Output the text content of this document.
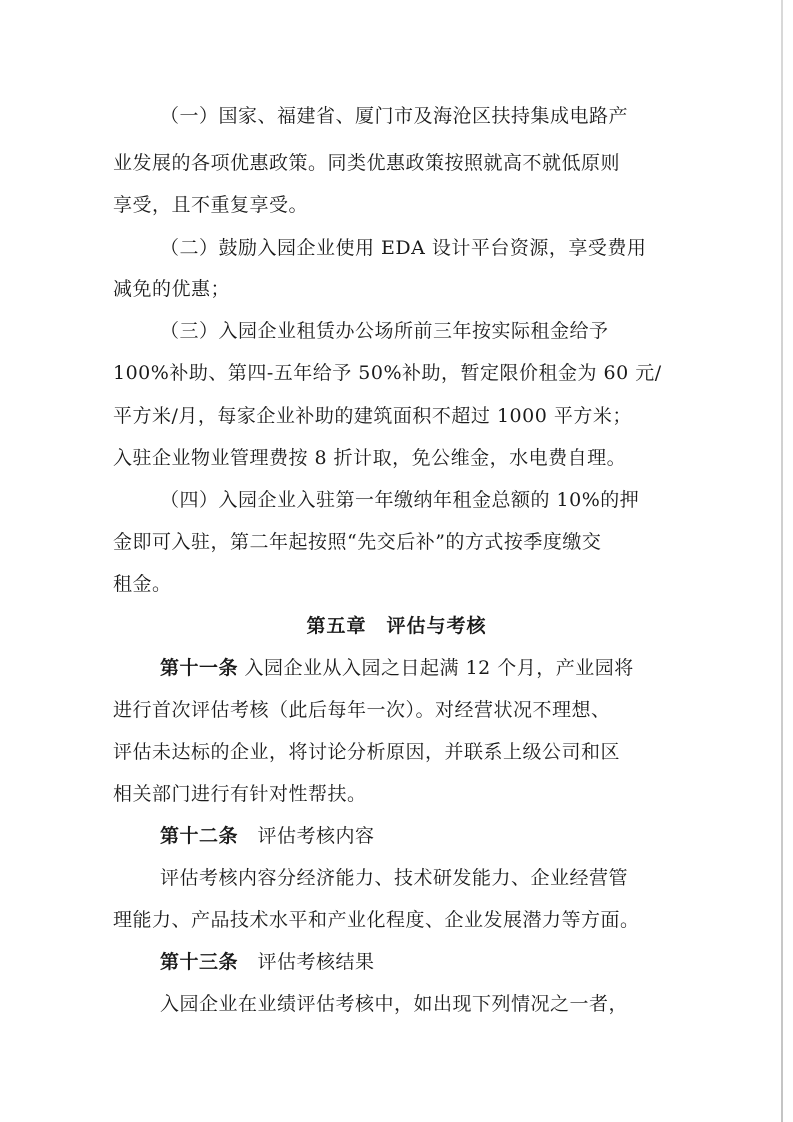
（一）国家、福建省、厦门市及海沧区扶持集成电路产
业发展的各项优惠政策。同类优惠政策按照就高不就低原则
享受，且不重复享受。
（二）鼓励入园企业使用 EDA 设计平台资源，享受费用
减免的优惠；
（三）入园企业租赁办公场所前三年按实际租金给予
100%补助、第四-五年给予 50%补助，暂定限价租金为 60 元/
平方米/月，每家企业补助的建筑面积不超过 1000 平方米；
入驻企业物业管理费按 8 折计取，免公维金，水电费自理。
（四）入园企业入驻第一年缴纳年租金总额的 10%的押
金即可入驻，第二年起按照“先交后补”的方式按季度缴交
租金。
第五章　评估与考核
第十一条 入园企业从入园之日起满 12 个月，产业园将
进行首次评估考核（此后每年一次）。对经营状况不理想、
评估未达标的企业，将讨论分析原因，并联系上级公司和区
相关部门进行有针对性帮扶。
第十二条　评估考核内容
评估考核内容分经济能力、技术研发能力、企业经营管
理能力、产品技术水平和产业化程度、企业发展潜力等方面。
第十三条　评估考核结果
入园企业在业绩评估考核中，如出现下列情况之一者，
